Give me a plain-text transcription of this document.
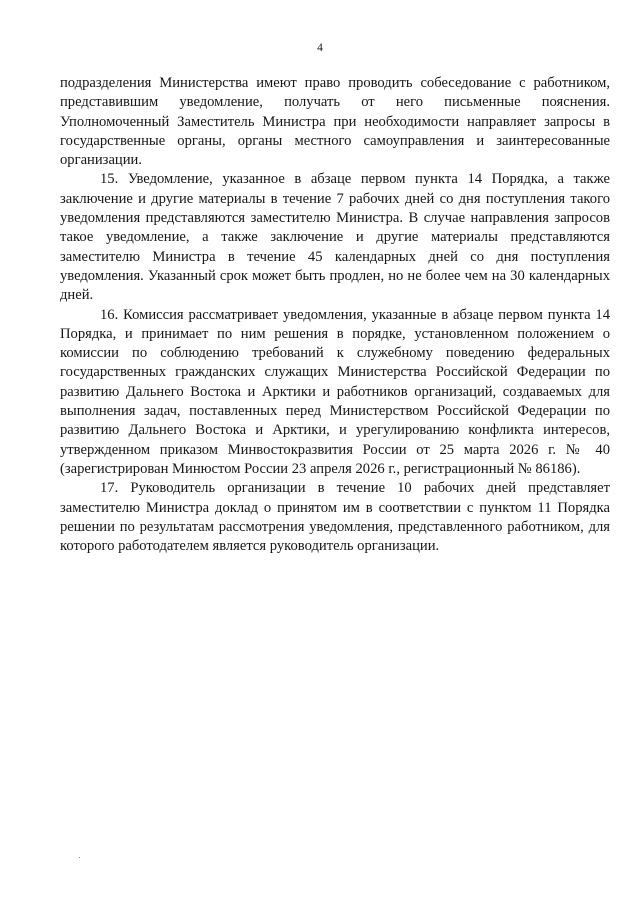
4

подразделения Министерства имеют право проводить собеседование с работником, представившим уведомление, получать от него письменные пояснения. Уполномоченный Заместитель Министра при необходимости направляет запросы в государственные органы, органы местного самоуправления и заинтересованные организации.

15. Уведомление, указанное в абзаце первом пункта 14 Порядка, а также заключение и другие материалы в течение 7 рабочих дней со дня поступления такого уведомления представляются заместителю Министра. В случае направления запросов такое уведомление, а также заключение и другие материалы представляются заместителю Министра в течение 45 календарных дней со дня поступления уведомления. Указанный срок может быть продлен, но не более чем на 30 календарных дней.

16. Комиссия рассматривает уведомления, указанные в абзаце первом пункта 14 Порядка, и принимает по ним решения в порядке, установленном положением о комиссии по соблюдению требований к служебному поведению федеральных государственных гражданских служащих Министерства Российской Федерации по развитию Дальнего Востока и Арктики и работников организаций, создаваемых для выполнения задач, поставленных перед Министерством Российской Федерации по развитию Дальнего Востока и Арктики, и урегулированию конфликта интересов, утвержденном приказом Минвостокразвития России от 25 марта 2026 г. № 40 (зарегистрирован Минюстом России 23 апреля 2026 г., регистрационный № 86186).

17. Руководитель организации в течение 10 рабочих дней представляет заместителю Министра доклад о принятом им в соответствии с пунктом 11 Порядка решении по результатам рассмотрения уведомления, представленного работником, для которого работодателем является руководитель организации.
